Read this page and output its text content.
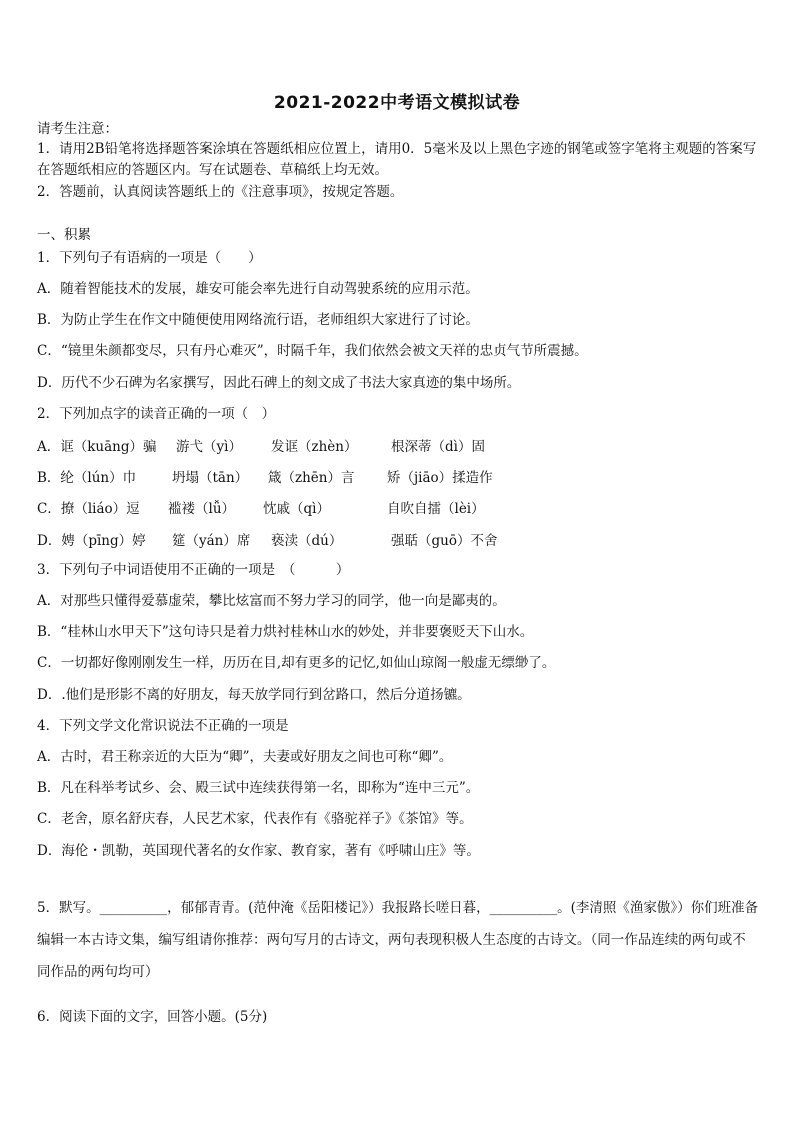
2021-2022中考语文模拟试卷
请考生注意：
1．请用2B铅笔将选择题答案涂填在答题纸相应位置上，请用0．5毫米及以上黑色字迹的钢笔或签字笔将主观题的答案写在答题纸相应的答题区内。写在试题卷、草稿纸上均无效。
2．答题前，认真阅读答题纸上的《注意事项》，按规定答题。
一、积累
1．下列句子有语病的一项是（　　）
A．随着智能技术的发展，雄安可能会率先进行自动驾驶系统的应用示范。
B．为防止学生在作文中随便使用网络流行语，老师组织大家进行了讨论。
C．“镜里朱颜都变尽，只有丹心难灭”，时隔千年，我们依然会被文天祥的忠贞气节所震撼。
D．历代不少石碑为名家撰写，因此石碑上的刻文成了书法大家真迹的集中场所。
2．下列加点字的读音正确的一项（　）
A．诓（kuāng）骗 游弋（yì） 发诓（zhèn） 根深蒂（dì）固
B．纶（lún）巾	坍塌（tān） 箴（zhēn）言 矫（jiāo）揉造作
C．撩（liáo）逗 褴褛（lǚ） 忱戚（qì）	自吹自擂（lèi）
D．娉（pīng）婷 筵（yán）席 亵渎（dú）	强聒（guō）不舍
3．下列句子中词语使用不正确的一项是　（　　　）
A．对那些只懂得爱慕虚荣，攀比炫富而不努力学习的同学，他一向是鄙夷的。
B．“桂林山水甲天下”这句诗只是着力烘衬桂林山水的妙处，并非要褒贬天下山水。
C．一切都好像刚刚发生一样，历历在目,却有更多的记忆,如仙山琼阁一般虚无缥缈了。
D．.他们是形影不离的好朋友，每天放学同行到岔路口，然后分道扬镳。
4．下列文学文化常识说法不正确的一项是
A．古时，君王称亲近的大臣为“卿”，夫妻或好朋友之间也可称“卿”。
B．凡在科举考试乡、会、殿三试中连续获得第一名，即称为“连中三元”。
C．老舍，原名舒庆春，人民艺术家，代表作有《骆驼祥子》《茶馆》等。
D．海伦・凯勒，英国现代著名的女作家、教育家，著有《呼啸山庄》等。
5．默写。__________，郁郁青青。(范仲淹《岳阳楼记》）我报路长嗟日暮，__________。(李清照《渔家傲》）你们班准备编辑一本古诗文集，编写组请你推荐：两句写月的古诗文，两句表现积极人生态度的古诗文。（同一作品连续的两句或不同作品的两句均可）
6．阅读下面的文字，回答小题。(5分)
